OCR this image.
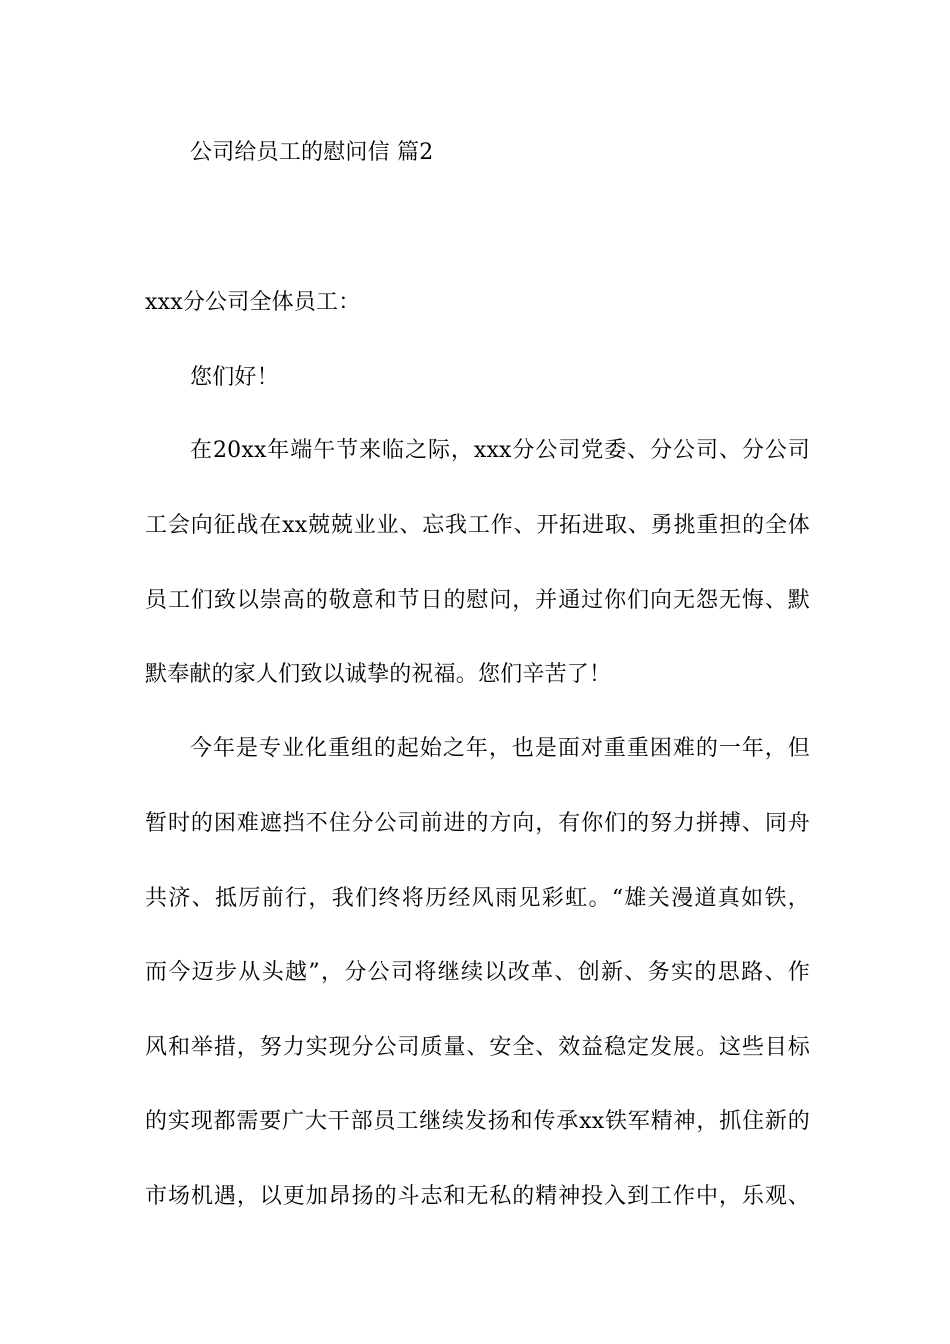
公司给员工的慰问信 篇2
xxx分公司全体员工：
您们好！
在20xx年端午节来临之际，xxx分公司党委、分公司、分公司
工会向征战在xx兢兢业业、忘我工作、开拓进取、勇挑重担的全体
员工们致以崇高的敬意和节日的慰问，并通过你们向无怨无悔、默
默奉献的家人们致以诚挚的祝福。您们辛苦了！
今年是专业化重组的起始之年，也是面对重重困难的一年，但
暂时的困难遮挡不住分公司前进的方向，有你们的努力拼搏、同舟
共济、抵厉前行，我们终将历经风雨见彩虹。“雄关漫道真如铁，
而今迈步从头越”，分公司将继续以改革、创新、务实的思路、作
风和举措，努力实现分公司质量、安全、效益稳定发展。这些目标
的实现都需要广大干部员工继续发扬和传承xx铁军精神，抓住新的
市场机遇，以更加昂扬的斗志和无私的精神投入到工作中，乐观、
